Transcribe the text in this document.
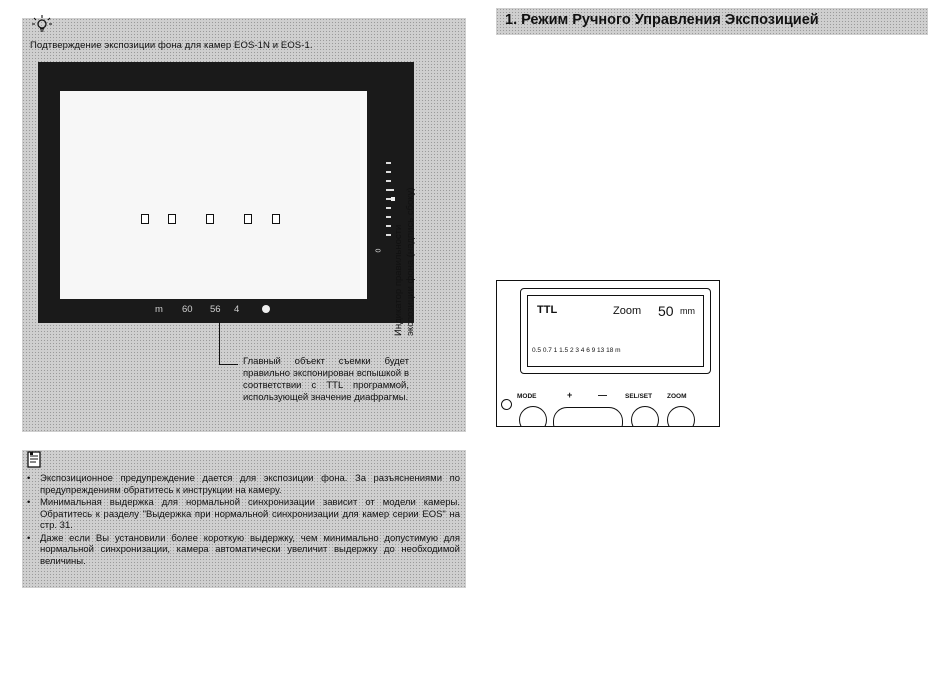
Подтверждение экспозиции фона для камер EOS-1N и EOS-1.
0
m 60 56 4
Главный объект съемки будет правильно экспонирован вспышкой в соответствии с TTL программой, использующей значение диафрагмы.
Индикатор правильности экспозиции фона (надпись сбоку)
• Экспозиционное предупреждение дается для экспозиции фона. За разъяснениями по предупреждениям обратитесь к инструкции на камеру.
• Минимальная выдержка для нормальной синхронизации зависит от модели камеры. Обратитесь к разделу "Выдержка при нормальной синхронизации для камер серии EOS" на стр. 31.
• Даже если Вы установили более короткую выдержку, чем минимально допустимую для нормальной синхронизации, камера автоматически увеличит выдержку до необходимой величины.
1. Режим Ручного Управления Экспозицией
TTL	Zoom 50 mm
0.5 0.7 1 1.5 2 3 4 6 9 13 18 m
MODE	+	—	SEL/SET ZOOM
